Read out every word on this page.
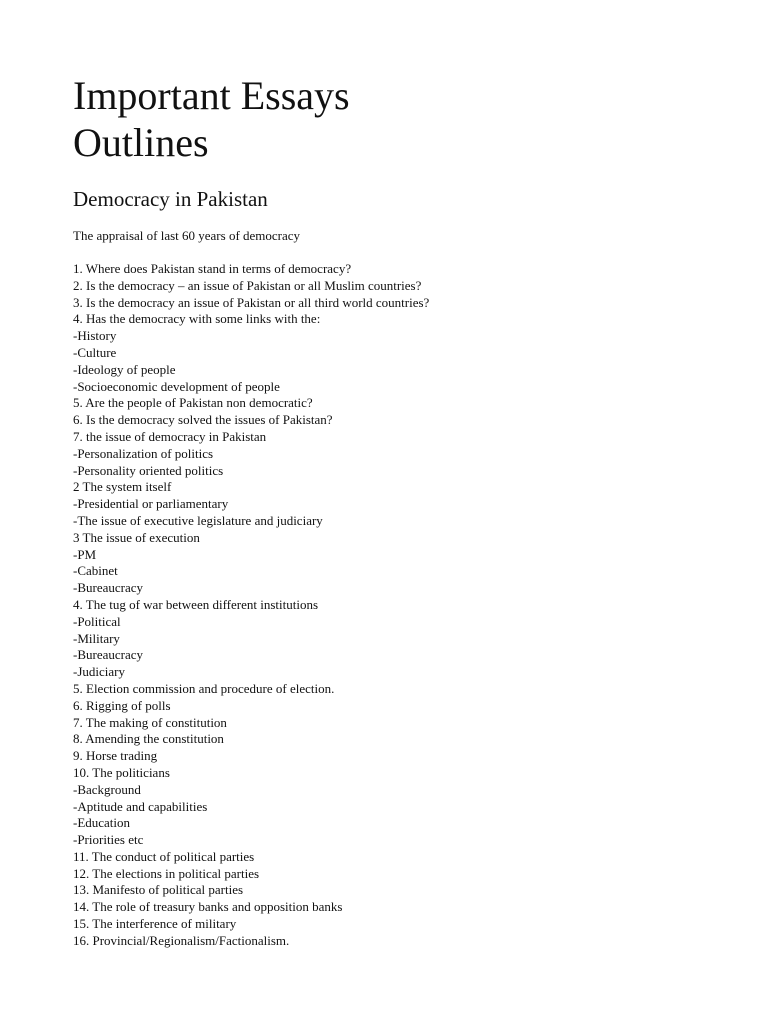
Important Essays
Outlines
Democracy in Pakistan

The appraisal of last 60 years of democracy

1. Where does Pakistan stand in terms of democracy?
2. Is the democracy – an issue of Pakistan or all Muslim countries?
3. Is the democracy an issue of Pakistan or all third world countries?
4. Has the democracy with some links with the:
-History
-Culture
-Ideology of people
-Socioeconomic development of people
5. Are the people of Pakistan non democratic?
6. Is the democracy solved the issues of Pakistan?
7. the issue of democracy in Pakistan
-Personalization of politics
-Personality oriented politics
2 The system itself
-Presidential or parliamentary
-The issue of executive legislature and judiciary
3 The issue of execution
-PM
-Cabinet
-Bureaucracy
4. The tug of war between different institutions
-Political
-Military
-Bureaucracy
-Judiciary
5. Election commission and procedure of election.
6. Rigging of polls
7. The making of constitution
8. Amending the constitution
9. Horse trading
10. The politicians
-Background
-Aptitude and capabilities
-Education
-Priorities etc
11. The conduct of political parties
12. The elections in political parties
13. Manifesto of political parties
14. The role of treasury banks and opposition banks
15. The interference of military
16. Provincial/Regionalism/Factionalism.
